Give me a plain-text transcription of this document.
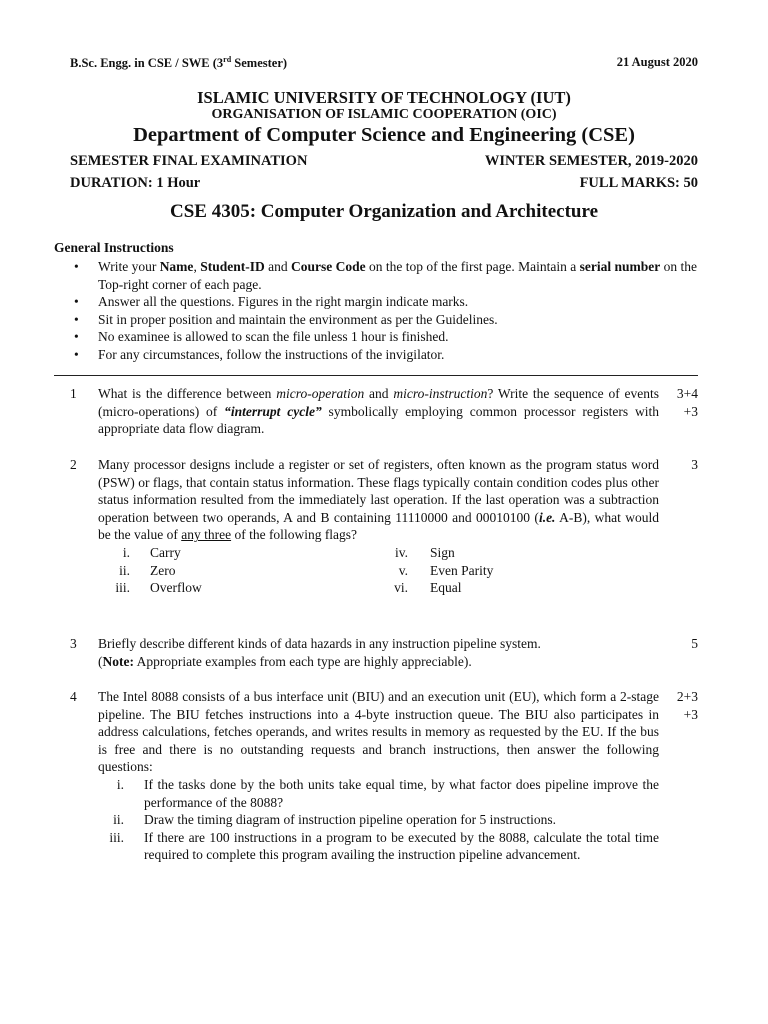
B.Sc. Engg. in CSE / SWE (3rd Semester)	21 August 2020
ISLAMIC UNIVERSITY OF TECHNOLOGY (IUT)
ORGANISATION OF ISLAMIC COOPERATION (OIC)
Department of Computer Science and Engineering (CSE)
SEMESTER FINAL EXAMINATION	WINTER SEMESTER, 2019-2020
DURATION: 1 Hour	FULL MARKS: 50
CSE 4305: Computer Organization and Architecture
General Instructions
• Write your Name, Student-ID and Course Code on the top of the first page. Maintain a serial number on the Top-right corner of each page.
• Answer all the questions. Figures in the right margin indicate marks.
• Sit in proper position and maintain the environment as per the Guidelines.
• No examinee is allowed to scan the file unless 1 hour is finished.
• For any circumstances, follow the instructions of the invigilator.
1 What is the difference between micro-operation and micro-instruction? Write the sequence of events (micro-operations) of “interrupt cycle” symbolically employing common processor registers with appropriate data flow diagram.
3+4
+3
2 Many processor designs include a register or set of registers, often known as the program status word (PSW) or flags, that contain status information. These flags typically contain condition codes plus other status information resulted from the immediately last operation. If the last operation was a subtraction operation between two operands, A and B containing 11110000 and 00010100 (i.e. A-B), what would be the value of any three of the following flags?

i. Carry	iv. Sign
ii. Zero	v. Even Parity
iii. Overflow	vi. Equal
3
3 Briefly describe different kinds of data hazards in any instruction pipeline system.

(Note: Appropriate examples from each type are highly appreciable).

5
4 The Intel 8088 consists of a bus interface unit (BIU) and an execution unit (EU), which form a 2-stage pipeline. The BIU fetches instructions into a 4-byte instruction queue. The BIU also participates in address calculations, fetches operands, and writes results in memory as requested by the EU. If the bus is free and there is no outstanding requests and branch instructions, then answer the following questions:

i. If the tasks done by the both units take equal time, by what factor does pipeline improve the performance of the 8088?
ii. Draw the timing diagram of instruction pipeline operation for 5 instructions.
iii. If there are 100 instructions in a program to be executed by the 8088, calculate the total time required to complete this program availing the instruction pipeline advancement.
2+3
+3
